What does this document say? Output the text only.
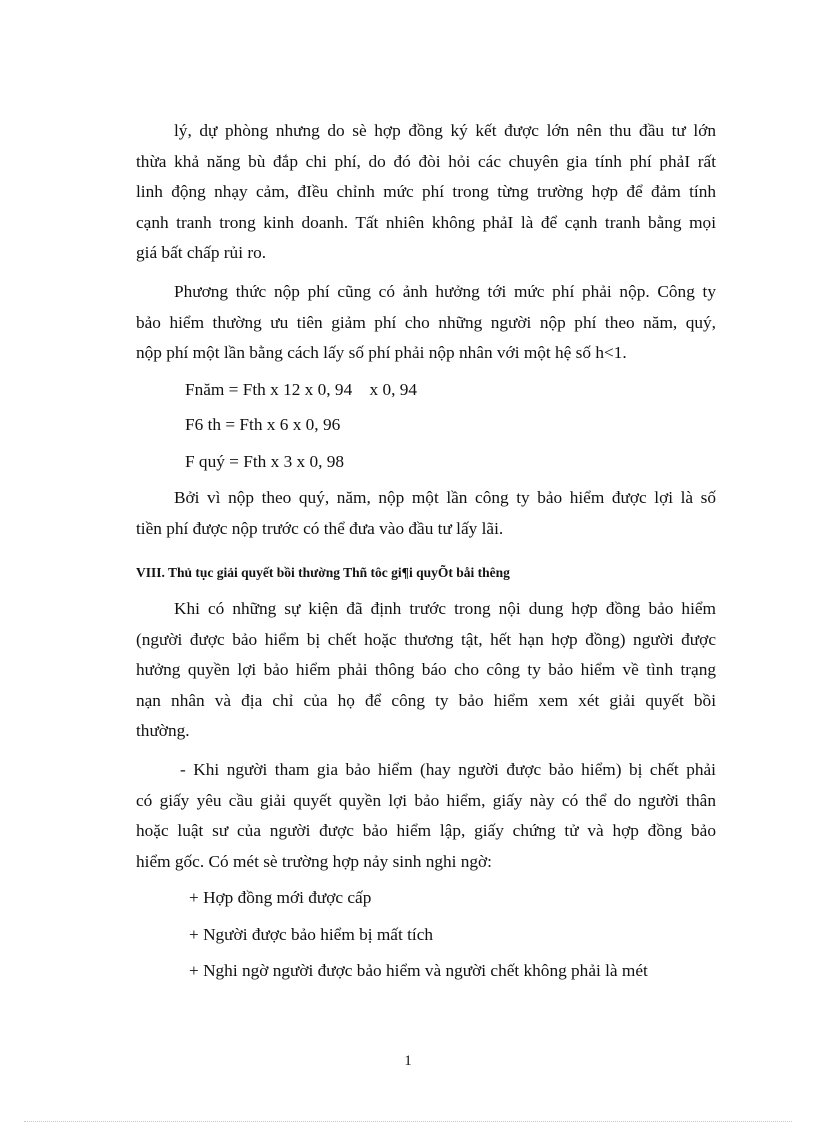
lý, dự phòng nhưng do sè hợp đồng ký kết được lớn nên thu đầu tư lớn
thừa khả năng bù đắp chi phí, do đó đòi hỏi các chuyên gia tính phí phảI rất
linh động nhạy cảm, đIều chỉnh mức phí trong từng trường hợp để đảm tính
cạnh tranh trong kinh doanh. Tất nhiên không phảI là để cạnh tranh bằng mọi
giá bất chấp rủi ro.
Phương thức nộp phí cũng có ảnh hưởng tới mức phí phải nộp. Công ty
bảo hiểm thường ưu tiên giảm phí cho những người nộp phí theo năm, quý,
nộp phí một lần bằng cách lấy số phí phải nộp nhân với một hệ số h<1.
Fnăm = Fth x 12 x 0, 94    x 0, 94
F6 th = Fth x 6 x 0, 96
F quý = Fth x 3 x 0, 98
Bởi vì nộp theo quý, năm, nộp một lần công ty bảo hiểm được lợi là số
tiền phí được nộp trước có thể đưa vào đầu tư lấy lãi.
VIII. Thủ tục giải quyết bồi thường Thñ tôc gi¶i quyÕt båi thêng
Khi có những sự kiện đã định trước trong nội dung hợp đồng bảo hiểm
(người được bảo hiểm bị chết hoặc thương tật, hết hạn hợp đồng) người được
hưởng quyền lợi bảo hiểm phải thông báo cho công ty bảo hiểm về tình trạng
nạn nhân và địa chỉ của họ để công ty bảo hiểm xem xét giải quyết bồi
thường.
- Khi người tham gia bảo hiểm (hay người được bảo hiểm) bị chết phải
có giấy yêu cầu giải quyết quyền lợi bảo hiểm, giấy này có thể do người thân
hoặc luật sư của người được bảo hiểm lập, giấy chứng tử và hợp đồng bảo
hiểm gốc. Có mét sè trường hợp nảy sinh nghi ngờ:
+ Hợp đồng mới được cấp
+ Người được bảo hiểm bị mất tích
+ Nghi ngờ người được bảo hiểm và người chết không phải là mét
1
